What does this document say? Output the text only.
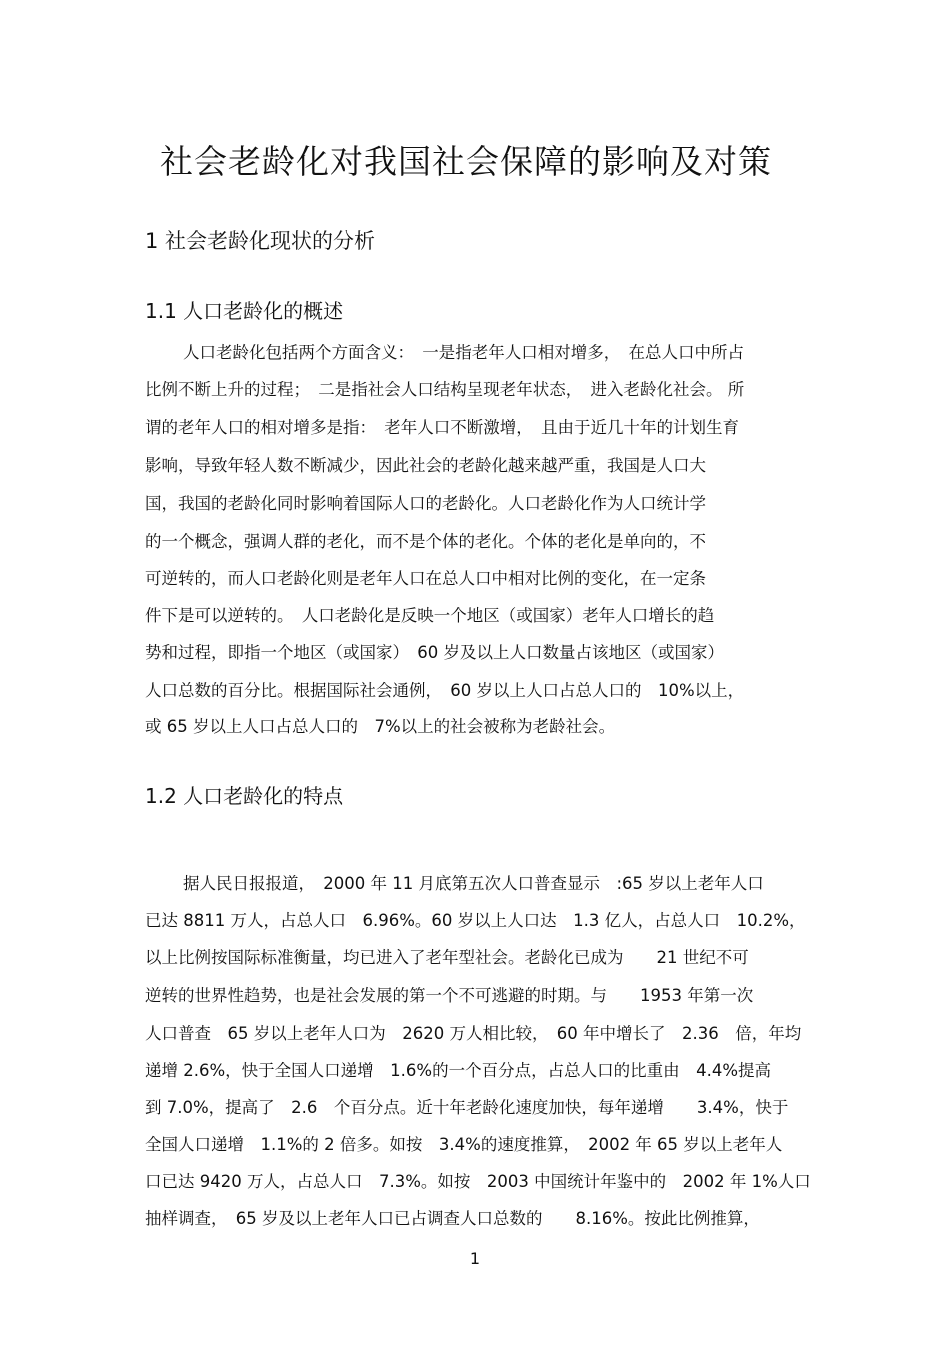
社会老龄化对我国社会保障的影响及对策
1 社会老龄化现状的分析
1.1 人口老龄化的概述
人口老龄化包括两个方面含义：　一是指老年人口相对增多，　在总人口中所占
比例不断上升的过程；　二是指社会人口结构呈现老年状态，　进入老龄化社会。 所
谓的老年人口的相对增多是指：　老年人口不断激增，　且由于近几十年的计划生育
影响，导致年轻人数不断减少，因此社会的老龄化越来越严重，我国是人口大
国，我国的老龄化同时影响着国际人口的老龄化。人口老龄化作为人口统计学
的一个概念，强调人群的老化，而不是个体的老化。个体的老化是单向的，不
可逆转的，而人口老龄化则是老年人口在总人口中相对比例的变化，在一定条
件下是可以逆转的。　人口老龄化是反映一个地区（或国家）老年人口增长的趋
势和过程，即指一个地区（或国家）　60 岁及以上人口数量占该地区（或国家）
人口总数的百分比。根据国际社会通例，　60 岁以上人口占总人口的　10%以上，
或 65 岁以上人口占总人口的　7%以上的社会被称为老龄社会。
1.2 人口老龄化的特点
据人民日报报道，　2000 年 11 月底第五次人口普查显示　:65 岁以上老年人口
已达 8811 万人，占总人口　6.96%。60 岁以上人口达　1.3 亿人，占总人口　10.2%，
以上比例按国际标准衡量，均已进入了老年型社会。老龄化已成为　　21 世纪不可
逆转的世界性趋势，也是社会发展的第一个不可逃避的时期。与　　1953 年第一次
人口普查　65 岁以上老年人口为　2620 万人相比较，　60 年中增长了　2.36　倍，年均
递增 2.6%，快于全国人口递增　1.6%的一个百分点，占总人口的比重由　4.4%提高
到 7.0%，提高了　2.6　个百分点。近十年老龄化速度加快，每年递增　　3.4%，快于
全国人口递增　1.1%的 2 倍多。如按　3.4%的速度推算，　2002 年 65 岁以上老年人
口已达 9420 万人，占总人口　7.3%。如按　2003 中国统计年鉴中的　2002 年 1%人口
抽样调查，　65 岁及以上老年人口已占调查人口总数的　　8.16%。按此比例推算，
1
